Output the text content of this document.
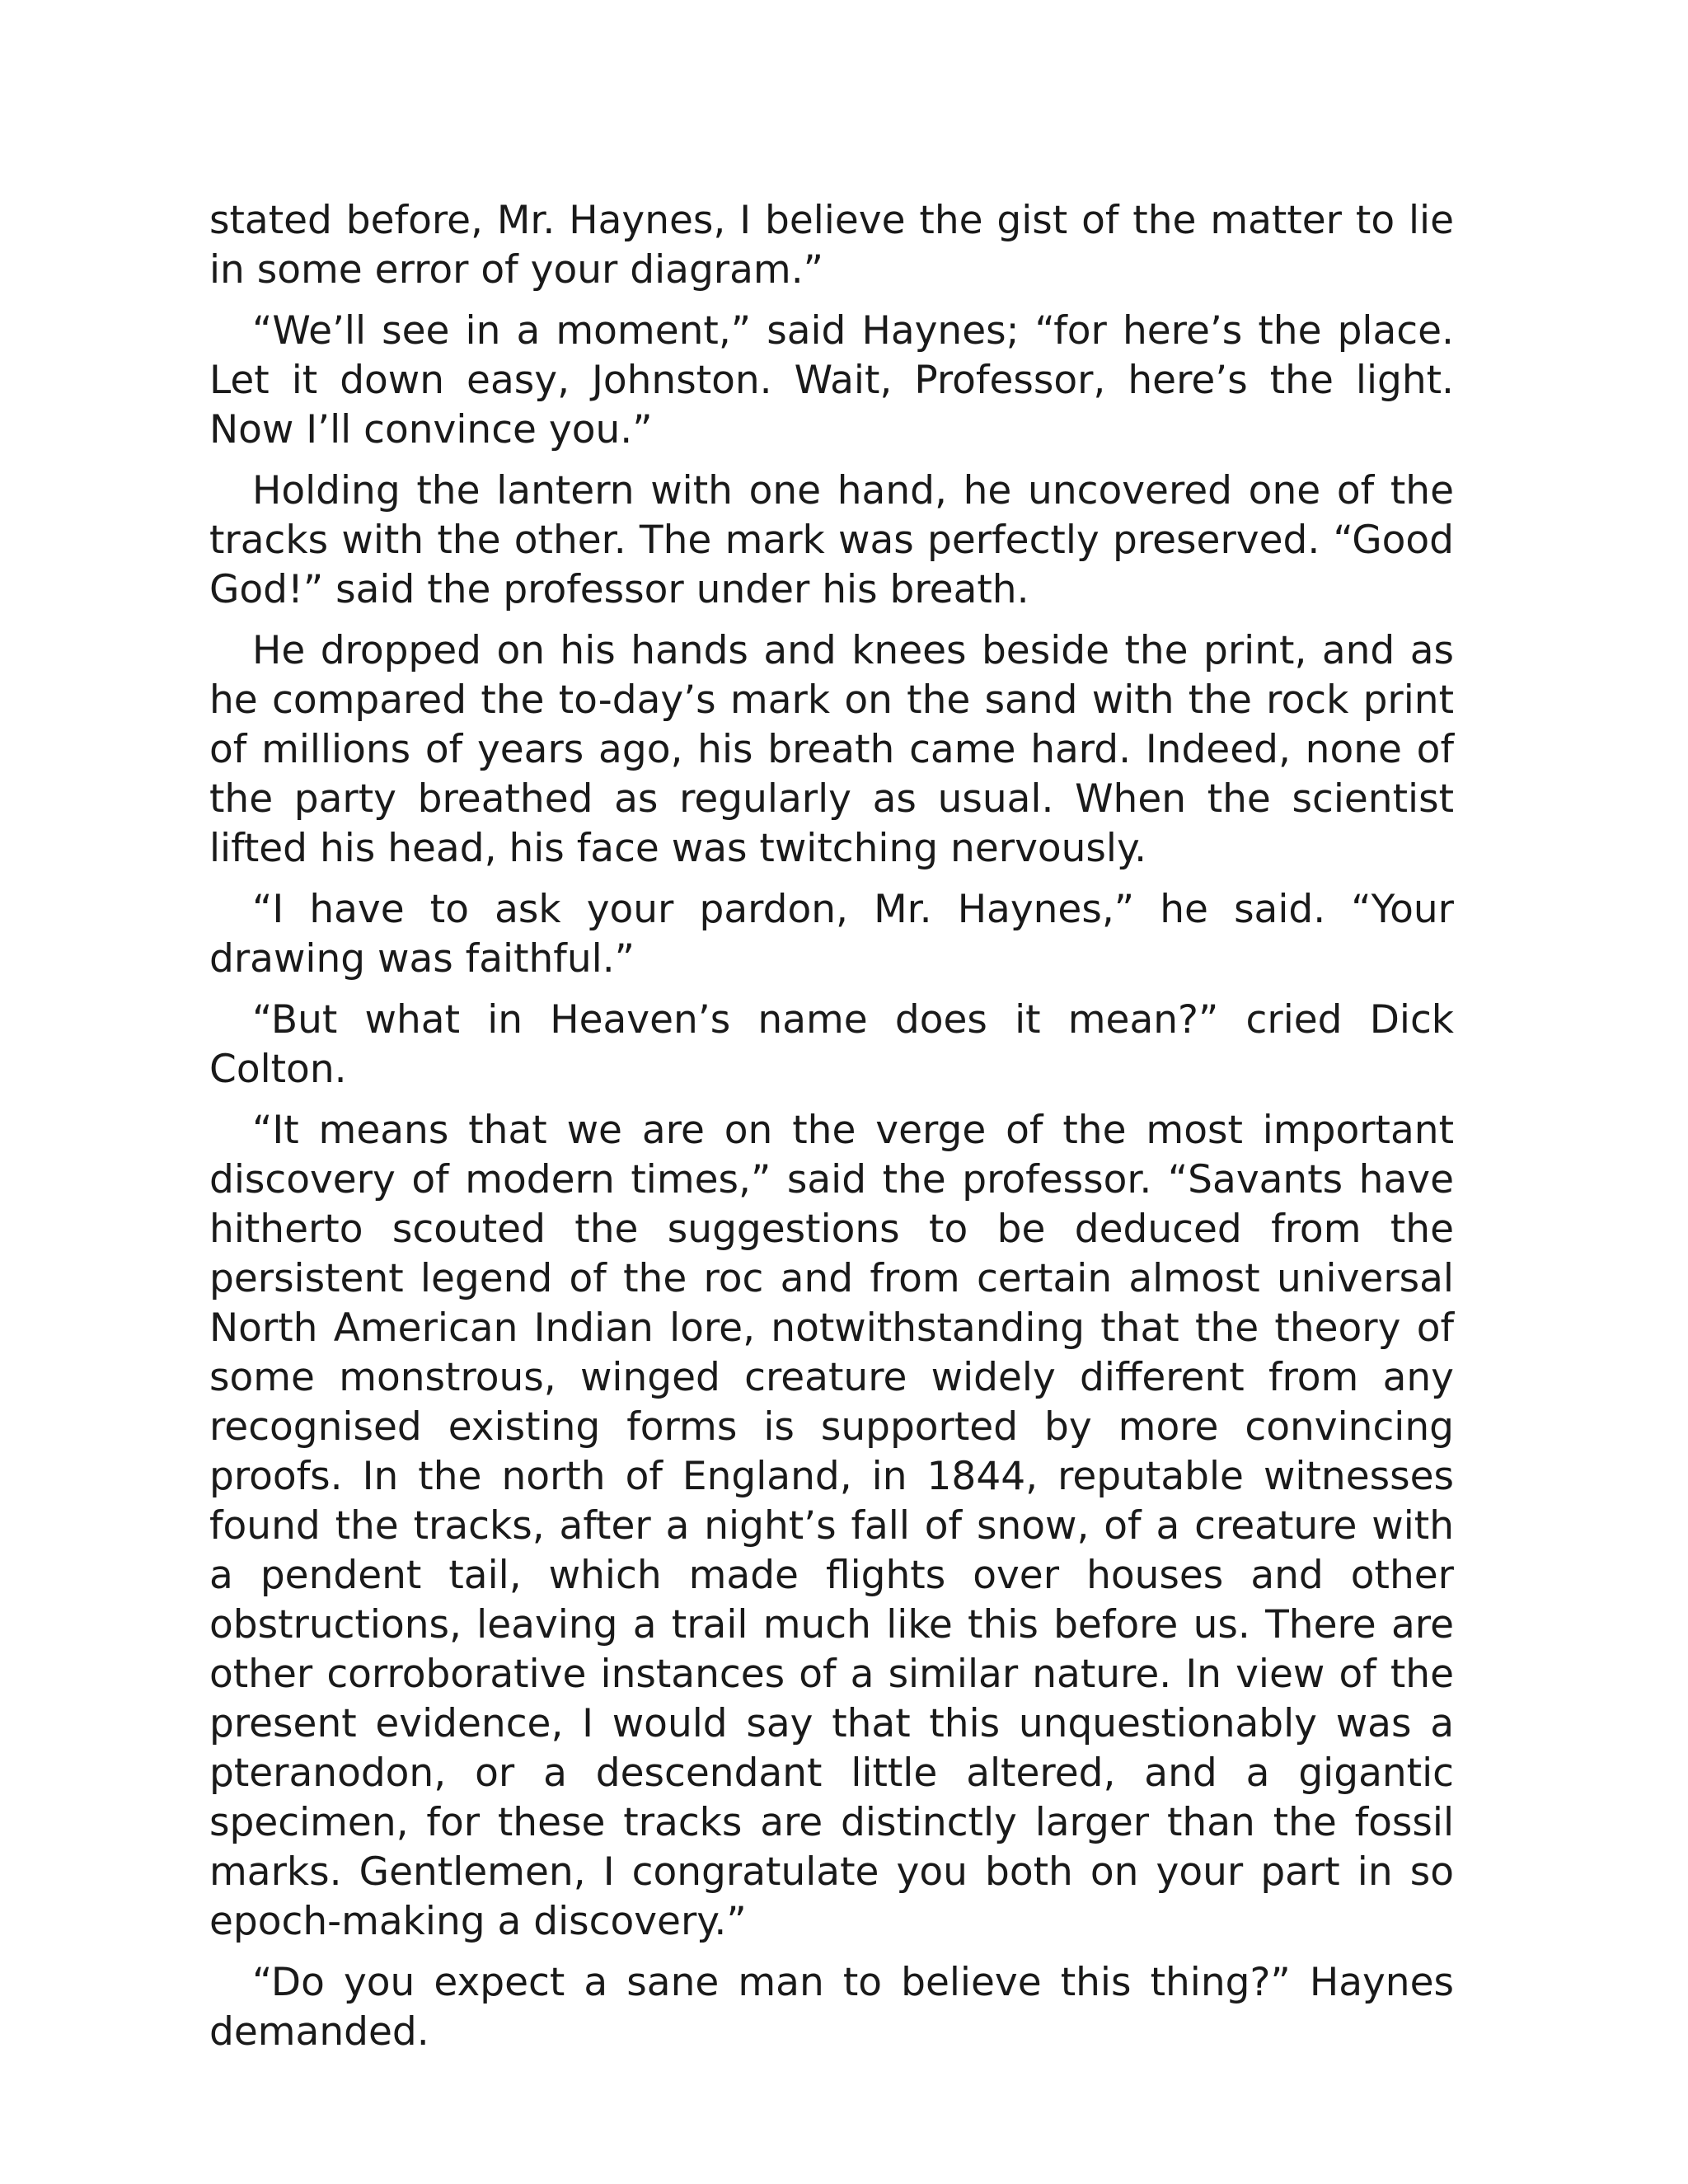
stated before, Mr. Haynes, I believe the gist of the matter to lie in some error of your diagram.”

“We’ll see in a moment,” said Haynes; “for here’s the place. Let it down easy, Johnston. Wait, Professor, here’s the light. Now I’ll convince you.”

Holding the lantern with one hand, he uncovered one of the tracks with the other. The mark was perfectly preserved. “Good God!” said the professor under his breath.

He dropped on his hands and knees beside the print, and as he compared the to-day’s mark on the sand with the rock print of millions of years ago, his breath came hard. Indeed, none of the party breathed as regularly as usual. When the scientist lifted his head, his face was twitching nervously.

“I have to ask your pardon, Mr. Haynes,” he said. “Your drawing was faithful.”

“But what in Heaven’s name does it mean?” cried Dick Colton.

“It means that we are on the verge of the most important discovery of modern times,” said the professor. “Savants have hitherto scouted the suggestions to be deduced from the persistent legend of the roc and from certain almost universal North American Indian lore, notwithstanding that the theory of some monstrous, winged creature widely different from any recognised existing forms is supported by more convincing proofs. In the north of England, in 1844, reputable witnesses found the tracks, after a night’s fall of snow, of a creature with a pendent tail, which made flights over houses and other obstructions, leaving a trail much like this before us. There are other corroborative instances of a similar nature. In view of the present evidence, I would say that this unquestionably was a pteranodon, or a descendant little altered, and a gigantic specimen, for these tracks are distinctly larger than the fossil marks. Gentlemen, I congratulate you both on your part in so epoch-making a discovery.”

“Do you expect a sane man to believe this thing?” Haynes demanded.
